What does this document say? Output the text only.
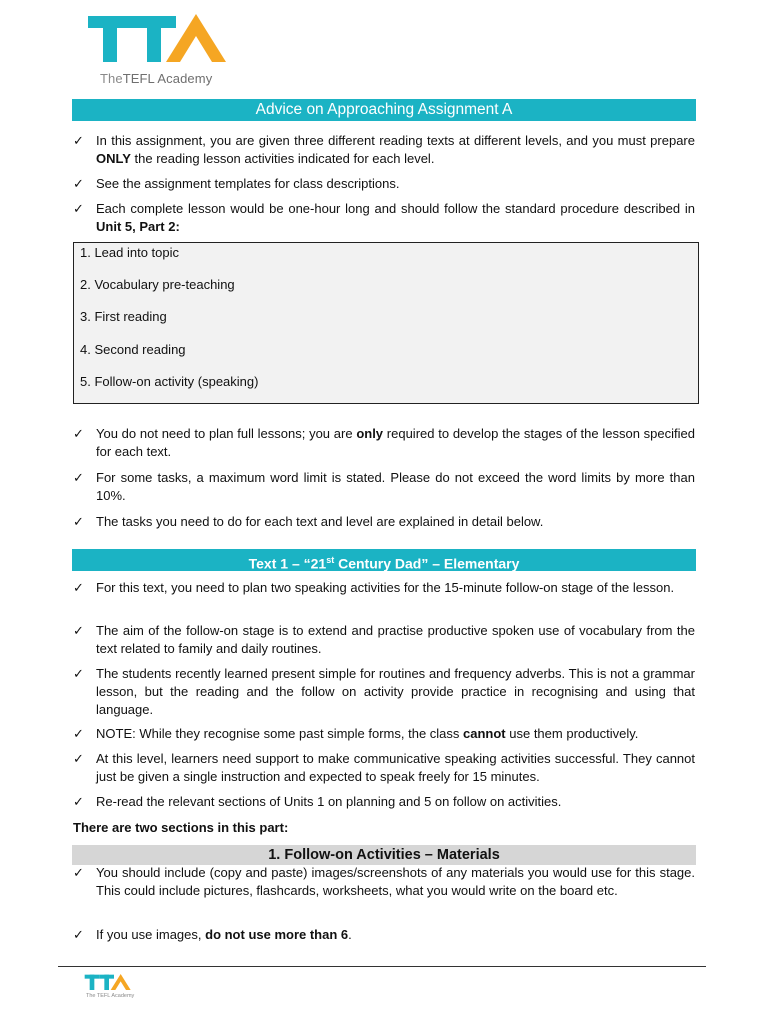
TheTEFL Academy
Advice on Approaching Assignment A
✓ In this assignment, you are given three different reading texts at different levels, and you must prepare ONLY the reading lesson activities indicated for each level.
✓ See the assignment templates for class descriptions.
✓ Each complete lesson would be one-hour long and should follow the standard procedure described in Unit 5, Part 2:
1. Lead into topic
2. Vocabulary pre-teaching
3. First reading
4. Second reading
5. Follow-on activity (speaking)
✓ You do not need to plan full lessons; you are only required to develop the stages of the lesson specified for each text.
✓ For some tasks, a maximum word limit is stated. Please do not exceed the word limits by more than 10%.
✓ The tasks you need to do for each text and level are explained in detail below.
Text 1 – “21st Century Dad” – Elementary
✓ For this text, you need to plan two speaking activities for the 15-minute follow-on stage of the lesson.
✓ The aim of the follow-on stage is to extend and practise productive spoken use of vocabulary from the text related to family and daily routines.
✓ The students recently learned present simple for routines and frequency adverbs. This is not a grammar lesson, but the reading and the follow on activity provide practice in recognising and using that language.
✓ NOTE: While they recognise some past simple forms, the class cannot use them productively.
✓ At this level, learners need support to make communicative speaking activities successful. They cannot just be given a single instruction and expected to speak freely for 15 minutes.
✓ Re-read the relevant sections of Units 1 on planning and 5 on follow on activities.
There are two sections in this part:
1. Follow-on Activities – Materials
✓ You should include (copy and paste) images/screenshots of any materials you would use for this stage. This could include pictures, flashcards, worksheets, what you would write on the board etc.
✓ If you use images, do not use more than 6.
The TEFL Academy
